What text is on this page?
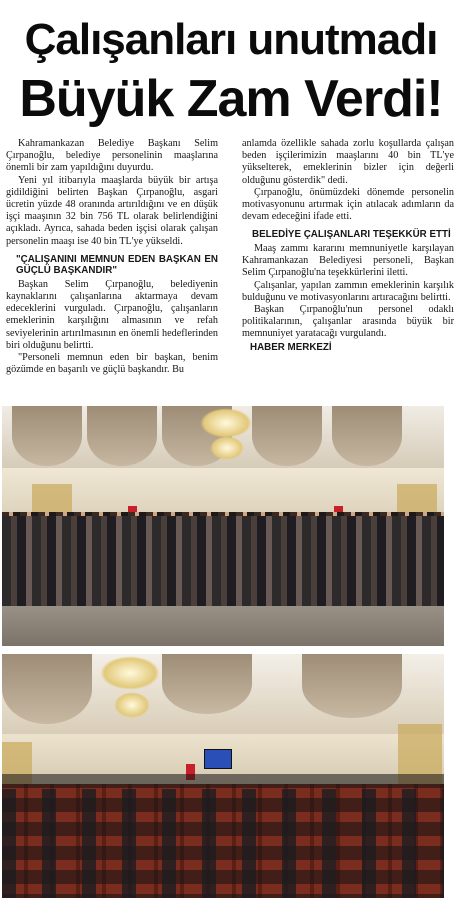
Çalışanları unutmadı
Büyük Zam Verdi!

Kahramankazan Belediye Başkanı Selim Çırpanoğlu, belediye personelinin maaşlarına önemli bir zam yapıldığını duyurdu.

Yeni yıl itibarıyla maaşlarda büyük bir artışa gidildiğini belirten Başkan Çırpanoğlu, asgari ücretin yüzde 48 oranında artırıldığını ve en düşük işçi maaşının 32 bin 756 TL olarak belirlendiğini açıkladı. Ayrıca, sahada beden işçisi olarak çalışan personelin maaşı ise 40 bin TL'ye yükseldi.

"ÇALIŞANINI MEMNUN EDEN BAŞKAN EN GÜÇLÜ BAŞKANDIR"

Başkan Selim Çırpanoğlu, belediyenin kaynaklarını çalışanlarına aktarmaya devam edeceklerini vurguladı. Çırpanoğlu, çalışanların emeklerinin karşılığını almasının ve refah seviyelerinin artırılmasının en önemli hedeflerinden biri olduğunu belirtti.

"Personeli memnun eden bir başkan, benim gözümde en başarılı ve güçlü başkandır. Bu

anlamda özellikle sahada zorlu koşullarda çalışan beden işçilerimizin maaşlarını 40 bin TL'ye yükselterek, emeklerinin bizler için değerli olduğunu gösterdik" dedi.

Çırpanoğlu, önümüzdeki dönemde personelin motivasyonunu artırmak için atılacak adımların da devam edeceğini ifade etti.

BELEDİYE ÇALIŞANLARI TEŞEKKÜR ETTİ

Maaş zammı kararını memnuniyetle karşılayan Kahramankazan Belediyesi personeli, Başkan Selim Çırpanoğlu'na teşekkürlerini iletti.

Çalışanlar, yapılan zammın emeklerinin karşılık bulduğunu ve motivasyonlarını artıracağını belirtti.

Başkan Çırpanoğlu'nun personel odaklı politikalarının, çalışanlar arasında büyük bir memnuniyet yaratacağı vurgulandı.

HABER MERKEZİ
